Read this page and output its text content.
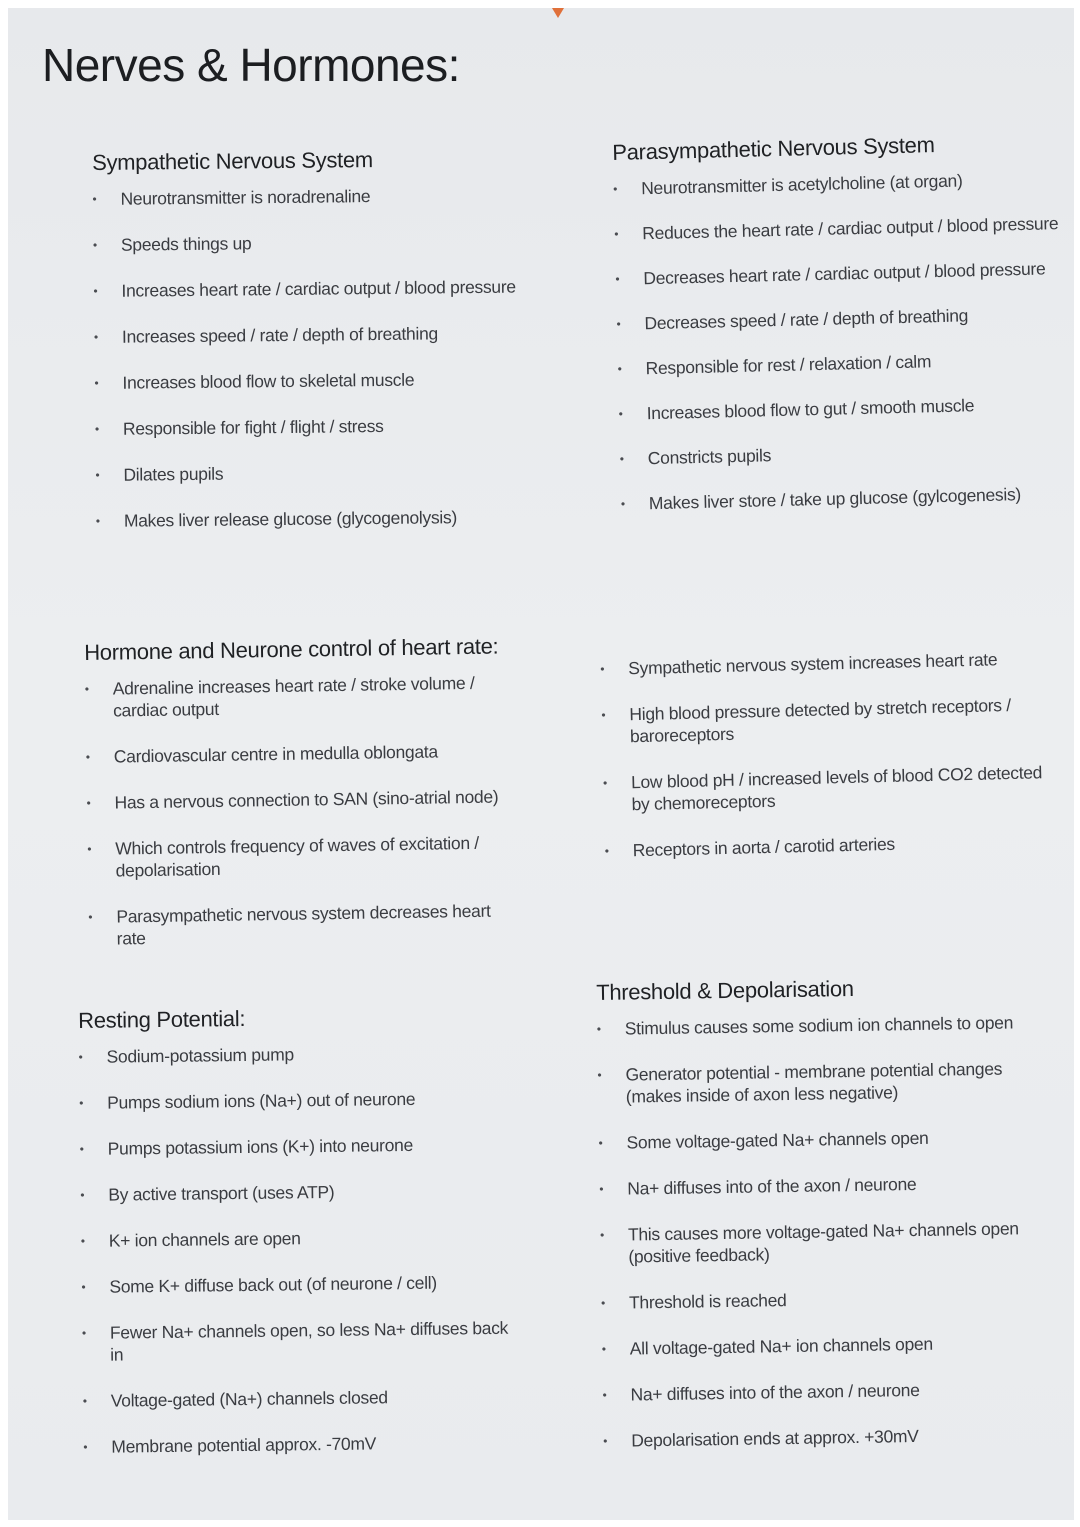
Nerves & Hormones:
Sympathetic Nervous System
• Neurotransmitter is noradrenaline
• Speeds things up
• Increases heart rate / cardiac output / blood pressure
• Increases speed / rate / depth of breathing
• Increases blood flow to skeletal muscle
• Responsible for fight / flight / stress
• Dilates pupils
• Makes liver release glucose (glycogenolysis)
Parasympathetic Nervous System
• Neurotransmitter is acetylcholine (at organ)
• Reduces the heart rate / cardiac output / blood pressure
• Decreases heart rate / cardiac output / blood pressure
• Decreases speed / rate / depth of breathing
• Responsible for rest / relaxation / calm
• Increases blood flow to gut / smooth muscle
• Constricts pupils
• Makes liver store / take up glucose (gylcogenesis)
Hormone and Neurone control of heart rate:
• Adrenaline increases heart rate / stroke volume / cardiac output
• Cardiovascular centre in medulla oblongata
• Has a nervous connection to SAN (sino-atrial node)
• Which controls frequency of waves of excitation / depolarisation
• Parasympathetic nervous system decreases heart rate
• Sympathetic nervous system increases heart rate
• High blood pressure detected by stretch receptors / baroreceptors
• Low blood pH / increased levels of blood CO2 detected by chemoreceptors
• Receptors in aorta / carotid arteries
Resting Potential:
• Sodium-potassium pump
• Pumps sodium ions (Na+) out of neurone
• Pumps potassium ions (K+) into neurone
• By active transport (uses ATP)
• K+ ion channels are open
• Some K+ diffuse back out (of neurone / cell)
• Fewer Na+ channels open, so less Na+ diffuses back in
• Voltage-gated (Na+) channels closed
• Membrane potential approx. -70mV
Threshold & Depolarisation
• Stimulus causes some sodium ion channels to open
• Generator potential - membrane potential changes (makes inside of axon less negative)
• Some voltage-gated Na+ channels open
• Na+ diffuses into of the axon / neurone
• This causes more voltage-gated Na+ channels open (positive feedback)
• Threshold is reached
• All voltage-gated Na+ ion channels open
• Na+ diffuses into of the axon / neurone
• Depolarisation ends at approx. +30mV
